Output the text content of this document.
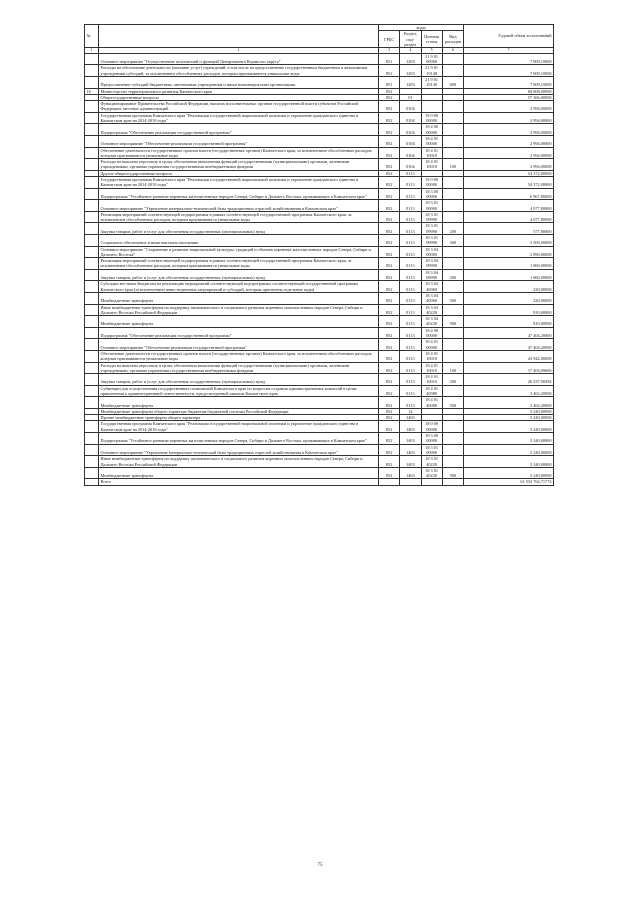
№		коды				Годовой объем ассигнований
		ГРБС	Раздел, под-раздел	Целевая статья	Вид расходов	
1	2	3	4	5	6	7
	Основное мероприятие "Осуществление полномочий и функций Департамента Коряксого округа"	851	1203	21 9 01 00000		7 009,10000
	Расходы на обеспечение деятельности (оказание услуг) учреждений, в том числе на предоставление государственным бюджетным и автономным учреждениям субсидий, за исключением обособленных расходов, которым присваиваются уникальные коды	851	1203	21 9 01 10140		7 009,10000
	Предоставление субсидий бюджетным, автономным учреждениям и иным некоммерческим организациям	851	1203	21 9 01 10140	600	7 009,10000
16	Министерство территориального развития Камчатского края	852				60 608,00000
	Общегосударственные вопросы	852	01			57 366,00000
	Функционирование Правительства Российской Федерации, высших исполнительных органов государственной власти субъектов Российской Федерации, местных администраций	852	0104			2 994,00000
	Государственная программа Камчатского края "Реализация государственной национальной политики и укрепление гражданского единства в Камчатском крае на 2014-2018 годы"	852	0104	18 0 00 00000		2 994,00000
	Подпрограмма "Обеспечение реализации государственной программы"	852	0104	18 4 00 00000		2 994,00000
	Основное мероприятие "Обеспечение реализации государственной программы"	852	0104	18 4 01 00000		2 994,00000
	Обеспечение деятельности государственных органов власти (государственных органов) Камчатского края, за исключением обособленных расходов, которым присваиваются уникальные коды	852	0104	18 4 01 10010		2 994,00000
	Расходы на выплаты персоналу в целях обеспечения выполнения функций государственными (муниципальными) органами, казенными учреждениями, органами управления государственными внебюджетными фондами	852	0104	18 4 01 10010	100	2 994,00000
	Другие общегосударственные вопросы	852	0113			54 372,00000
	Государственная программа Камчатского края "Реализация государственной национальной политики и укрепление гражданского единства в Камчатском крае на 2014-2018 годы"	852	0113	18 0 00 00000		54 372,00000
	Подпрограмма "Устойчивое развитие коренных малочисленных народов Севера, Сибири и Дальнего Востока, проживающих в Камчатском крае"	852	0113	18 3 00 00000		6 967,80000
	Основное мероприятие "Укрепление материально-технической базы традиционных отраслей хозяйствования в Камчатском крае"	852	0113	18 3 01 00000		4 077,80000
	Реализация мероприятий соответствующей подпрограммы в рамках соответствующей государственной программы Камчатского края, за исключением обособленных расходов, которым присваиваются уникальные коды	852	0113	18 3 01 09990		4 077,80000
	Закупка товаров, работ и услуг для обеспечения государственных (муниципальных) нужд	852	0113	18 3 01 09990	200	577,80000
	Социальное обеспечение и иные выплаты населению	852	0113	18 3 01 09990	300	3 500,00000
	Основное мероприятие "Сохранение и развитие национальной культуры, традиций и обычаев коренных малочисленных народов Севера, Сибири и Дальнего Востока"	852	0113	18 3 04 00000		2 890,00000
	Реализация мероприятий соответствующей подпрограммы в рамках соответствующей государственной программы Камчатского края, за исключением обособленных расходов, которым присваиваются уникальные коды	852	0113	18 3 04 09990		1 860,00000
	Закупка товаров, работ и услуг для обеспечения государственных (муниципальных) нужд	852	0113	18 3 04 09990	200	1 860,00000
	Субсидии местным бюджетам на реализацию мероприятий соответствующей подпрограммы соответствующей государственной программы Камчатского края (за исключением инвестиционных мероприятий и субсидий, которым присвоены отдельные коды)	852	0113	18 3 04 40060		220,00000
	Межбюджетные трансферты	852	0113	18 3 04 40060	500	220,00000
	Иные межбюджетные трансферты на поддержку экономического и социального развития коренных малочисленных народов Севера, Сибири и Дальнего Востока Российской Федерации	852	0113	18 3 04 40220		810,00000
	Межбюджетные трансферты	852	0113	18 3 04 40220	500	810,00000
	Подпрограмма "Обеспечение реализации государственной программы"	852	0113	18 4 00 00000		47 404,20000
	Основное мероприятие "Обеспечение реализации государственной программы"	852	0113	18 4 01 00000		47 404,20000
	Обеспечение деятельности государственных органов власти (государственных органов) Камчатского края, за исключением обособленных расходов, которым присваиваются уникальные коды	852	0113	18 4 01 10010		43 942,00000
	Расходы на выплаты персоналу в целях обеспечения выполнения функций государственными (муниципальными) органами, казенными учреждениями, органами управления государственными внебюджетными фондами	852	0113	18 4 01 10010	100	17 404,09606
	Закупка товаров, работ и услуг для обеспечения государственных (муниципальных) нужд	852	0113	18 4 01 10010	200	26 537,90394
	Субвенции для осуществления государственных полномочий Камчатского края по вопросам создания административных комиссий в целях привлечения к административной ответственности, предусмотренной законом Камчатского края	852	0113	18 4 01 40080		3 462,20000
	Межбюджетные трансферты	852	0113	18 4 01 40080	500	3 462,20000
	Межбюджетные трансферты общего характера бюджетам бюджетной системы Российской Федерации	852	14			3 240,00000
	Прочие межбюджетные трансферты общего характера	852	1403			3 240,00000
	Государственная программа Камчатского края "Реализация государственной национальной политики и укрепление гражданского единства в Камчатском крае на 2014-2018 годы"	852	1403	18 0 00 00000		3 240,00000
	Подпрограмма "Устойчивое развитие коренных малочисленных народов Севера, Сибири и Дальнего Востока, проживающих в Камчатском крае"	852	1403	18 3 00 00000		3 240,00000
	Основное мероприятие "Укрепление материально-технической базы традиционных отраслей хозяйствования в Камчатском крае"	852	1403	18 3 01 00000		3 240,00000
	Иные межбюджетные трансферты на поддержку экономического и социального развития коренных малочисленных народов Севера, Сибири и Дальнего Востока Российской Федерации	852	1403	18 3 01 40220		3 240,00000
	Межбюджетные трансферты	852	1403	18 3 01 40220	500	3 240,00000
	Всего					61 533 764,71774
75
